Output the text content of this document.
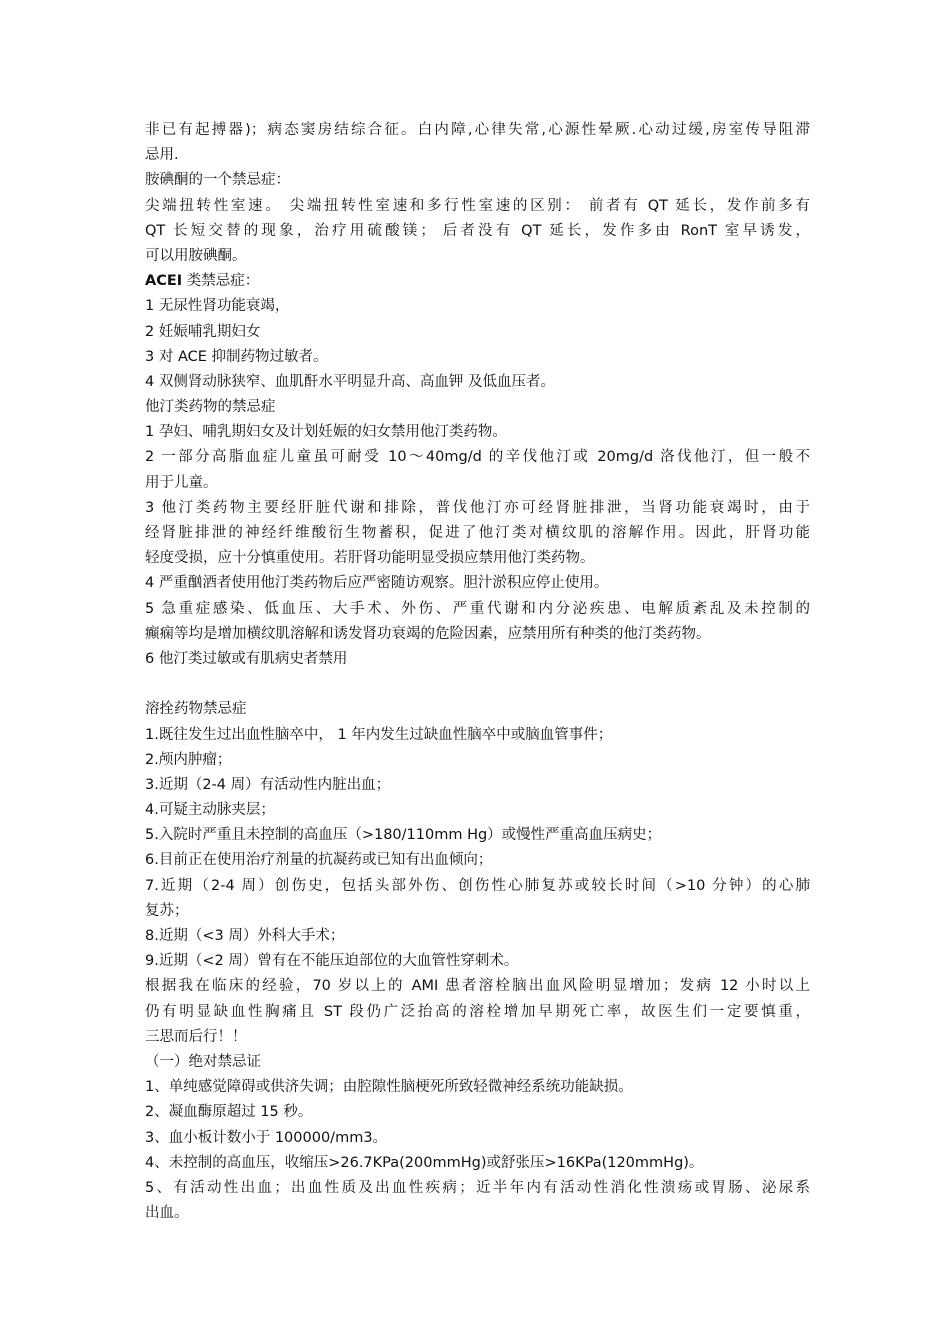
非已有起搏器)；病态窦房结综合征。白内障,心律失常,心源性晕厥.心动过缓,房室传导阻滞
忌用.
胺碘酮的一个禁忌症：
尖端扭转性室速。 尖端扭转性室速和多行性室速的区别： 前者有 QT 延长，发作前多有
QT 长短交替的现象，治疗用硫酸镁； 后者没有 QT 延长，发作多由 RonT 室早诱发，
可以用胺碘酮。
ACEI 类禁忌症：
1 无尿性肾功能衰竭，
2 妊娠哺乳期妇女
3 对 ACE 抑制药物过敏者。
4 双侧肾动脉狭窄、血肌酐水平明显升高、高血钾 及低血压者。
他汀类药物的禁忌症
1 孕妇、哺乳期妇女及计划妊娠的妇女禁用他汀类药物。
2 一部分高脂血症儿童虽可耐受 10～40mg/d 的辛伐他汀或 20mg/d 洛伐他汀，但一般不
用于儿童。
3 他汀类药物主要经肝脏代谢和排除，普伐他汀亦可经肾脏排泄，当肾功能衰竭时，由于
经肾脏排泄的神经纤维酸衍生物蓄积，促进了他汀类对横纹肌的溶解作用。因此，肝肾功能
轻度受损，应十分慎重使用。若肝肾功能明显受损应禁用他汀类药物。
4 严重酗酒者使用他汀类药物后应严密随访观察。胆汁淤积应停止使用。
5 急重症感染、低血压、大手术、外伤、严重代谢和内分泌疾患、电解质紊乱及未控制的
癫痫等均是增加横纹肌溶解和诱发肾功衰竭的危险因素，应禁用所有种类的他汀类药物。
6 他汀类过敏或有肌病史者禁用
溶拴药物禁忌症
1.既往发生过出血性脑卒中， 1 年内发生过缺血性脑卒中或脑血管事件；
2.颅内肿瘤；
3.近期（2-4 周）有活动性内脏出血；
4.可疑主动脉夹层；
5.入院时严重且未控制的高血压（>180/110mm Hg）或慢性严重高血压病史；
6.目前正在使用治疗剂量的抗凝药或已知有出血倾向；
7.近期（2-4 周）创伤史，包括头部外伤、创伤性心肺复苏或较长时间（>10 分钟）的心肺
复苏；
8.近期（<3 周）外科大手术；
9.近期（<2 周）曾有在不能压迫部位的大血管性穿刺术。
根据我在临床的经验，70 岁以上的 AMI 患者溶栓脑出血风险明显增加；发病 12 小时以上
仍有明显缺血性胸痛且 ST 段仍广泛抬高的溶栓增加早期死亡率，故医生们一定要慎重，
三思而后行！！
（一）绝对禁忌证
1、单纯感觉障碍或供济失调；由腔隙性脑梗死所致轻微神经系统功能缺损。
2、凝血酶原超过 15 秒。
3、血小板计数小于 100000/mm3。
4、未控制的高血压，收缩压>26.7KPa(200mmHg)或舒张压>16KPa(120mmHg)。
5、有活动性出血；出血性质及出血性疾病；近半年内有活动性消化性溃疡或胃肠、泌尿系
出血。
